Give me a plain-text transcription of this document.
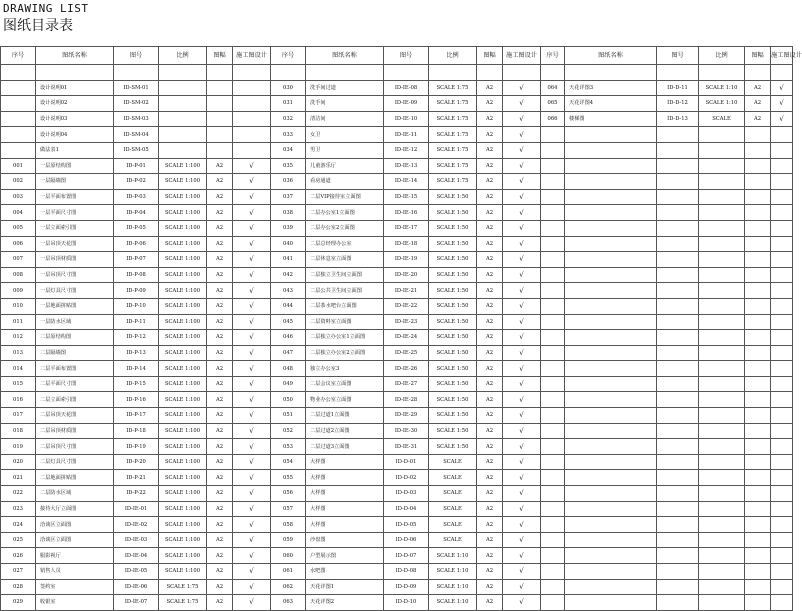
DRAWING LIST
图纸目录表
序号	图纸名称	图号	比例	图幅	施工图设计	序号	图纸名称	图号	比例	图幅	施工图设计	序号	图纸名称	图号	比例	图幅	施工图设计

	设计说明01	ID-SM-01				030	洗手间过道	ID-IE-08	SCALE 1:75	A2	√	064	天花详图3	ID-D-11	SCALE 1:10	A2	√
	设计说明02	ID-SM-02				031	洗手间	ID-IE-09	SCALE 1:75	A2	√	065	天花详图4	ID-D-12	SCALE 1:10	A2	√
	设计说明03	ID-SM-03				032	清洁间	ID-IE-10	SCALE 1:75	A2	√	066	楼梯图	ID-D-13	SCALE	A2	√
	设计说明04	ID-SM-04				033	女卫	ID-IE-11	SCALE 1:75	A2	√						
	做法表1	ID-SM-05				034	男卫	ID-IE-12	SCALE 1:75	A2	√						
001	一层原结构图	ID-P-01	SCALE 1:100	A2	√	035	儿童游乐厅	ID-IE-13	SCALE 1:75	A2	√						
002	一层隔墙图	ID-P-02	SCALE 1:100	A2	√	036	看房通道	ID-IE-14	SCALE 1:75	A2	√						
003	一层平面布置图	ID-P-03	SCALE 1:100	A2	√	037	二层VIP接待室立面图	ID-IE-15	SCALE 1:50	A2	√						
004	一层平面尺寸图	ID-P-04	SCALE 1:100	A2	√	038	二层办公室1立面图	ID-IE-16	SCALE 1:50	A2	√						
005	一层立面索引图	ID-P-05	SCALE 1:100	A2	√	039	二层办公室2立面图	ID-IE-17	SCALE 1:50	A2	√						
006	一层吊顶天花图	ID-P-06	SCALE 1:100	A2	√	040	二层总经理办公室	ID-IE-18	SCALE 1:50	A2	√						
007	一层吊顶材质图	ID-P-07	SCALE 1:100	A2	√	041	二层休息室立面图	ID-IE-19	SCALE 1:50	A2	√						
008	一层吊顶尺寸图	ID-P-08	SCALE 1:100	A2	√	042	二层独立卫生间立面图	ID-IE-20	SCALE 1:50	A2	√						
009	一层灯具尺寸图	ID-P-09	SCALE 1:100	A2	√	043	二层公共卫生间立面图	ID-IE-21	SCALE 1:50	A2	√						
010	一层地面拼贴图	ID-P-10	SCALE 1:100	A2	√	044	二层茶水吧台立面图	ID-IE-22	SCALE 1:50	A2	√						
011	一层防水区域	ID-P-11	SCALE 1:100	A2	√	045	二层资料室立面图	ID-IE-23	SCALE 1:50	A2	√						
012	二层原结构图	ID-P-12	SCALE 1:100	A2	√	046	二层独立办公室1立面图	ID-IE-24	SCALE 1:50	A2	√						
013	二层隔墙图	ID-P-13	SCALE 1:100	A2	√	047	二层独立办公室2立面图	ID-IE-25	SCALE 1:50	A2	√						
014	二层平面布置图	ID-P-14	SCALE 1:100	A2	√	048	独立办公室3	ID-IE-26	SCALE 1:50	A2	√						
015	二层平面尺寸图	ID-P-15	SCALE 1:100	A2	√	049	二层会议室立面图	ID-IE-27	SCALE 1:50	A2	√						
016	二层立面索引图	ID-P-16	SCALE 1:100	A2	√	050	物业办公室立面图	ID-IE-28	SCALE 1:50	A2	√						
017	二层吊顶天花图	ID-P-17	SCALE 1:100	A2	√	051	二层过道1立面图	ID-IE-29	SCALE 1:50	A2	√						
018	二层吊顶材质图	ID-P-18	SCALE 1:100	A2	√	052	二层过道2立面图	ID-IE-30	SCALE 1:50	A2	√						
019	二层吊顶尺寸图	ID-P-19	SCALE 1:100	A2	√	053	二层过道3立面图	ID-IE-31	SCALE 1:50	A2	√						
020	二层灯具尺寸图	ID-P-20	SCALE 1:100	A2	√	054	大样图	ID-D-01	SCALE	A2	√						
021	二层地面拼贴图	ID-P-21	SCALE 1:100	A2	√	055	大样图	ID-D-02	SCALE	A2	√						
022	二层防水区域	ID-P-22	SCALE 1:100	A2	√	056	大样图	ID-D-03	SCALE	A2	√						
023	接待大厅立面图	ID-IE-01	SCALE 1:100	A2	√	057	大样图	ID-D-04	SCALE	A2	√						
024	洽谈区立面图	ID-IE-02	SCALE 1:100	A2	√	058	大样图	ID-D-05	SCALE	A2	√						
025	洽谈区立面图	ID-IE-03	SCALE 1:100	A2	√	059	沙盘图	ID-D-06	SCALE	A2	√						
026	服影视厅	ID-IE-04	SCALE 1:100	A2	√	060	户型展示图	ID-D-07	SCALE 1:10	A2	√						
027	销售人员	ID-IE-05	SCALE 1:100	A2	√	061	水吧图	ID-D-08	SCALE 1:10	A2	√						
028	签约室	ID-IE-06	SCALE 1:75	A2	√	062	天花详图1	ID-D-09	SCALE 1:10	A2	√						
029	收银室	ID-IE-07	SCALE 1:75	A2	√	063	天花详图2	ID-D-10	SCALE 1:10	A2	√						
